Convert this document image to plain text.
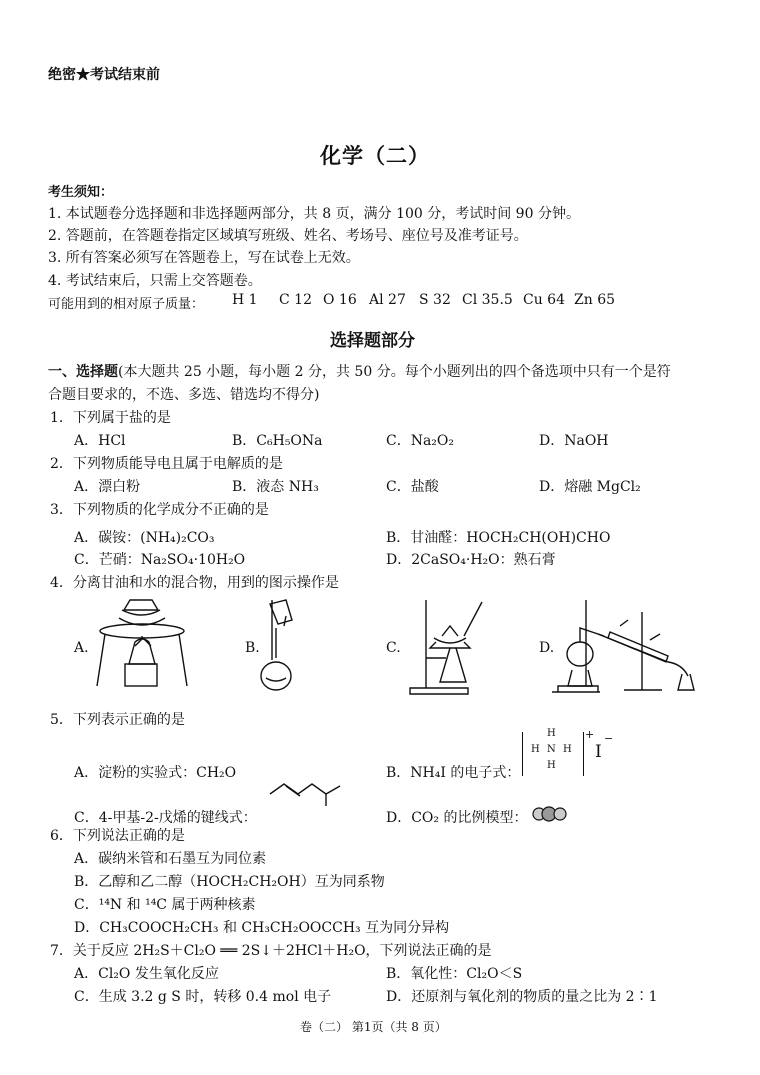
绝密★考试结束前
化学（二）
考生须知：
1. 本试题卷分选择题和非选择题两部分，共 8 页，满分 100 分，考试时间 90 分钟。
2. 答题前，在答题卷指定区域填写班级、姓名、考场号、座位号及准考证号。
3. 所有答案必须写在答题卷上，写在试卷上无效。
4. 考试结束后，只需上交答题卷。
可能用到的相对原子质量： H 1 C 12 O 16 Al 27 S 32 Cl 35.5 Cu 64 Zn 65
选择题部分
一、选择题(本大题共 25 小题，每小题 2 分，共 50 分。每个小题列出的四个备选项中只有一个是符
合题目要求的，不选、多选、错选均不得分)
1．下列属于盐的是
A．HCl	B．C₆H₅ONa	C．Na₂O₂	D．NaOH
2．下列物质能导电且属于电解质的是
A．漂白粉	B．液态 NH₃	C．盐酸	D．熔融 MgCl₂
3．下列物质的化学成分不正确的是
A．碳铵：(NH₄)₂CO₃	B．甘油醛：HOCH₂CH(OH)CHO
C．芒硝：Na₂SO₄·10H₂O	D．2CaSO₄·H₂O：熟石膏
4．分离甘油和水的混合物，用到的图示操作是
A.	B.	C.	D.
5．下列表示正确的是
A．淀粉的实验式：CH₂O	B．NH₄I 的电子式：
H
H N H
H
+
I
−
C．4-甲基-2-戊烯的键线式：	D．CO₂ 的比例模型：
6．下列说法正确的是
A．碳纳米管和石墨互为同位素
B．乙醇和乙二醇（HOCH₂CH₂OH）互为同系物
C．¹⁴N 和 ¹⁴C 属于两种核素
D．CH₃COOCH₂CH₃ 和 CH₃CH₂OOCCH₃ 互为同分异构
7．关于反应 2H₂S＋Cl₂O ══ 2S↓＋2HCl＋H₂O，下列说法正确的是
A．Cl₂O 发生氧化反应	B．氧化性：Cl₂O＜S
C．生成 3.2 g S 时，转移 0.4 mol 电子	D．还原剂与氧化剂的物质的量之比为 2∶1
卷（二） 第1页（共 8 页）
